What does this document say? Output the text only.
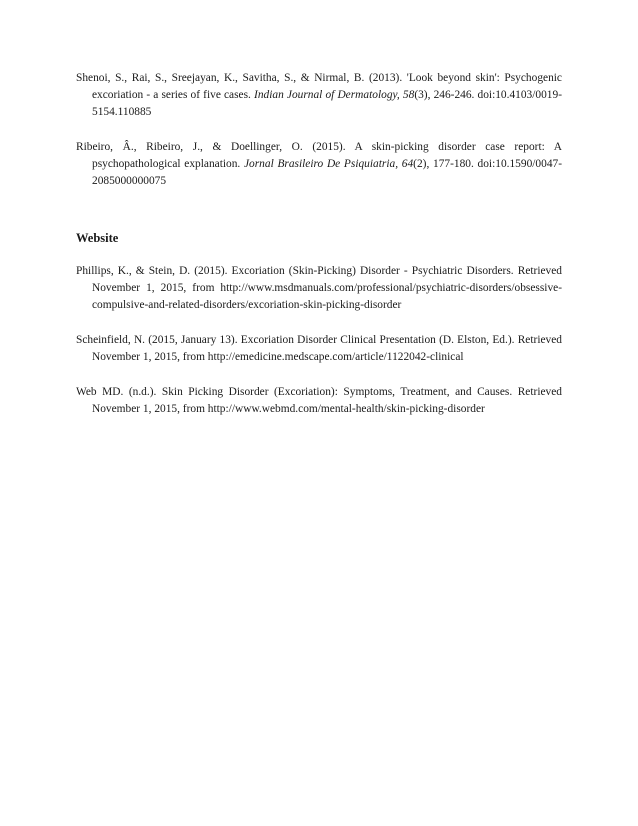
Shenoi, S., Rai, S., Sreejayan, K., Savitha, S., & Nirmal, B. (2013). 'Look beyond skin': Psychogenic excoriation - a series of five cases. Indian Journal of Dermatology, 58(3), 246-246. doi:10.4103/0019-5154.110885

Ribeiro, Â., Ribeiro, J., & Doellinger, O. (2015). A skin-picking disorder case report: A psychopathological explanation. Jornal Brasileiro De Psiquiatria, 64(2), 177-180. doi:10.1590/0047-2085000000075

Website

Phillips, K., & Stein, D. (2015). Excoriation (Skin-Picking) Disorder - Psychiatric Disorders. Retrieved November 1, 2015, from http://www.msdmanuals.com/professional/psychiatric-disorders/obsessive-compulsive-and-related-disorders/excoriation-skin-picking-disorder

Scheinfield, N. (2015, January 13). Excoriation Disorder Clinical Presentation (D. Elston, Ed.). Retrieved November 1, 2015, from http://emedicine.medscape.com/article/1122042-clinical

Web MD. (n.d.). Skin Picking Disorder (Excoriation): Symptoms, Treatment, and Causes. Retrieved November 1, 2015, from http://www.webmd.com/mental-health/skin-picking-disorder
